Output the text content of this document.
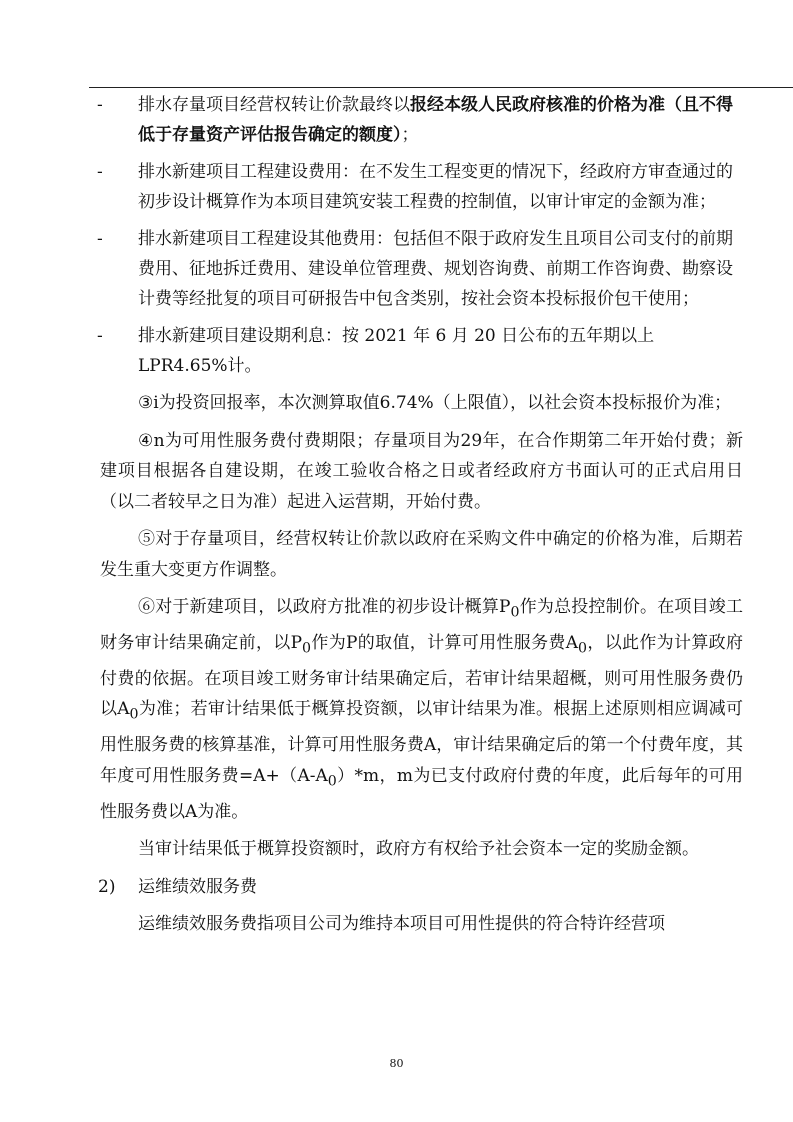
- 排水存量项目经营权转让价款最终以报经本级人民政府核准的价格为准（且不得低于存量资产评估报告确定的额度）；
- 排水新建项目工程建设费用：在不发生工程变更的情况下，经政府方审查通过的初步设计概算作为本项目建筑安装工程费的控制值，以审计审定的金额为准；
- 排水新建项目工程建设其他费用：包括但不限于政府发生且项目公司支付的前期费用、征地拆迁费用、建设单位管理费、规划咨询费、前期工作咨询费、勘察设计费等经批复的项目可研报告中包含类别，按社会资本投标报价包干使用；
- 排水新建项目建设期利息：按 2021 年 6 月 20 日公布的五年期以上 LPR4.65%计。
③i为投资回报率，本次测算取值6.74%（上限值），以社会资本投标报价为准；
④n为可用性服务费付费期限；存量项目为29年，在合作期第二年开始付费；新建项目根据各自建设期，在竣工验收合格之日或者经政府方书面认可的正式启用日（以二者较早之日为准）起进入运营期，开始付费。
⑤对于存量项目，经营权转让价款以政府在采购文件中确定的价格为准，后期若发生重大变更方作调整。
⑥对于新建项目，以政府方批准的初步设计概算$P_0$作为总投控制价。在项目竣工财务审计结果确定前，以$P_0$作为P的取值，计算可用性服务费$A_0$，以此作为计算政府付费的依据。在项目竣工财务审计结果确定后，若审计结果超概，则可用性服务费仍以$A_0$为准；若审计结果低于概算投资额，以审计结果为准。根据上述原则相应调减可用性服务费的核算基准，计算可用性服务费A，审计结果确定后的第一个付费年度，其年度可用性服务费$=A+(A-A_0)*m$，m为已支付政府付费的年度，此后每年的可用性服务费以A为准。
当审计结果低于概算投资额时，政府方有权给予社会资本一定的奖励金额。
2) 运维绩效服务费
运维绩效服务费指项目公司为维持本项目可用性提供的符合特许经营项
80
